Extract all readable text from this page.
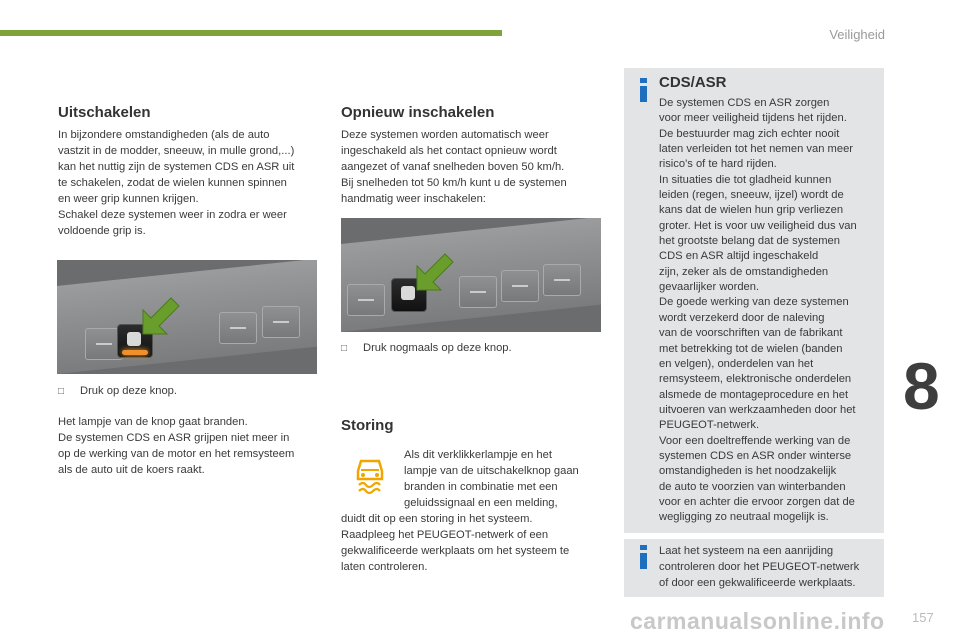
Veiligheid
8
157
carmanualsonline.info
Uitschakelen
In bijzondere omstandigheden (als de auto
vastzit in de modder, sneeuw, in mulle grond,...)
kan het nuttig zijn de systemen CDS en ASR uit
te schakelen, zodat de wielen kunnen spinnen
en weer grip kunnen krijgen.
Schakel deze systemen weer in zodra er weer
voldoende grip is.
□ Druk op deze knop.
Het lampje van de knop gaat branden.
De systemen CDS en ASR grijpen niet meer in
op de werking van de motor en het remsysteem
als de auto uit de koers raakt.
Opnieuw inschakelen
Deze systemen worden automatisch weer
ingeschakeld als het contact opnieuw wordt
aangezet of vanaf snelheden boven 50 km/h.
Bij snelheden tot 50 km/h kunt u de systemen
handmatig weer inschakelen:
□ Druk nogmaals op deze knop.
Storing
Als dit verklikkerlampje en het
lampje van de uitschakelknop gaan
branden in combinatie met een
geluidssignaal en een melding,
duidt dit op een storing in het systeem.
Raadpleeg het PEUGEOT-netwerk of een
gekwalificeerde werkplaats om het systeem te
laten controleren.
CDS/ASR
De systemen CDS en ASR zorgen
voor meer veiligheid tijdens het rijden.
De bestuurder mag zich echter nooit
laten verleiden tot het nemen van meer
risico's of te hard rijden.
In situaties die tot gladheid kunnen
leiden (regen, sneeuw, ijzel) wordt de
kans dat de wielen hun grip verliezen
groter. Het is voor uw veiligheid dus van
het grootste belang dat de systemen
CDS en ASR altijd ingeschakeld
zijn, zeker als de omstandigheden
gevaarlijker worden.
De goede werking van deze systemen
wordt verzekerd door de naleving
van de voorschriften van de fabrikant
met betrekking tot de wielen (banden
en velgen), onderdelen van het
remsysteem, elektronische onderdelen
alsmede de montageprocedure en het
uitvoeren van werkzaamheden door het
PEUGEOT-netwerk.
Voor een doeltreffende werking van de
systemen CDS en ASR onder winterse
omstandigheden is het noodzakelijk
de auto te voorzien van winterbanden
voor en achter die ervoor zorgen dat de
wegligging zo neutraal mogelijk is.
Laat het systeem na een aanrijding
controleren door het PEUGEOT-netwerk
of door een gekwalificeerde werkplaats.
